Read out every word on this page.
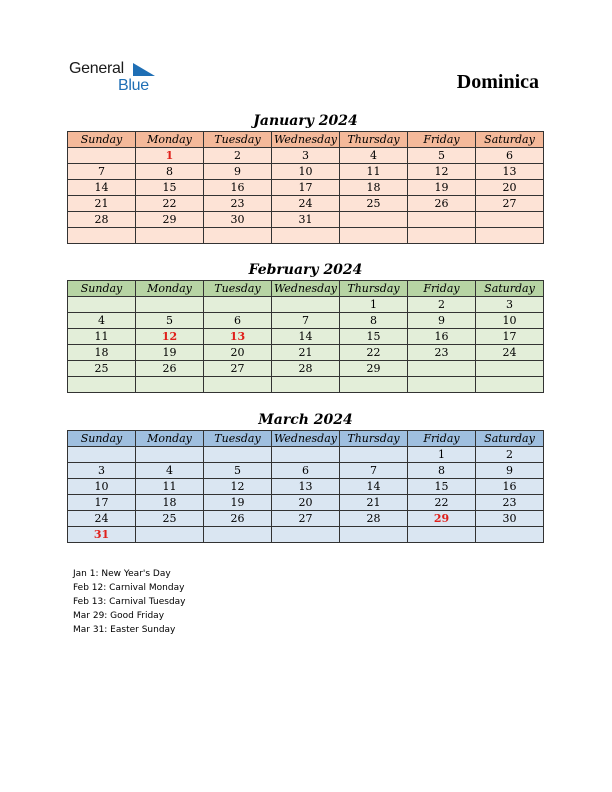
General
Blue	Dominica
January 2024
Sunday	Monday	Tuesday	Wednesday	Thursday	Friday	Saturday
	1	2	3	4	5	6
7	8	9	10	11	12	13
14	15	16	17	18	19	20
21	22	23	24	25	26	27
28	29	30	31			

February 2024
Sunday	Monday	Tuesday	Wednesday	Thursday	Friday	Saturday
				1	2	3
4	5	6	7	8	9	10
11	12	13	14	15	16	17
18	19	20	21	22	23	24
25	26	27	28	29		

March 2024
Sunday	Monday	Tuesday	Wednesday	Thursday	Friday	Saturday
					1	2
3	4	5	6	7	8	9
10	11	12	13	14	15	16
17	18	19	20	21	22	23
24	25	26	27	28	29	30
31						
Jan 1: New Year's Day
Feb 12: Carnival Monday
Feb 13: Carnival Tuesday
Mar 29: Good Friday
Mar 31: Easter Sunday
